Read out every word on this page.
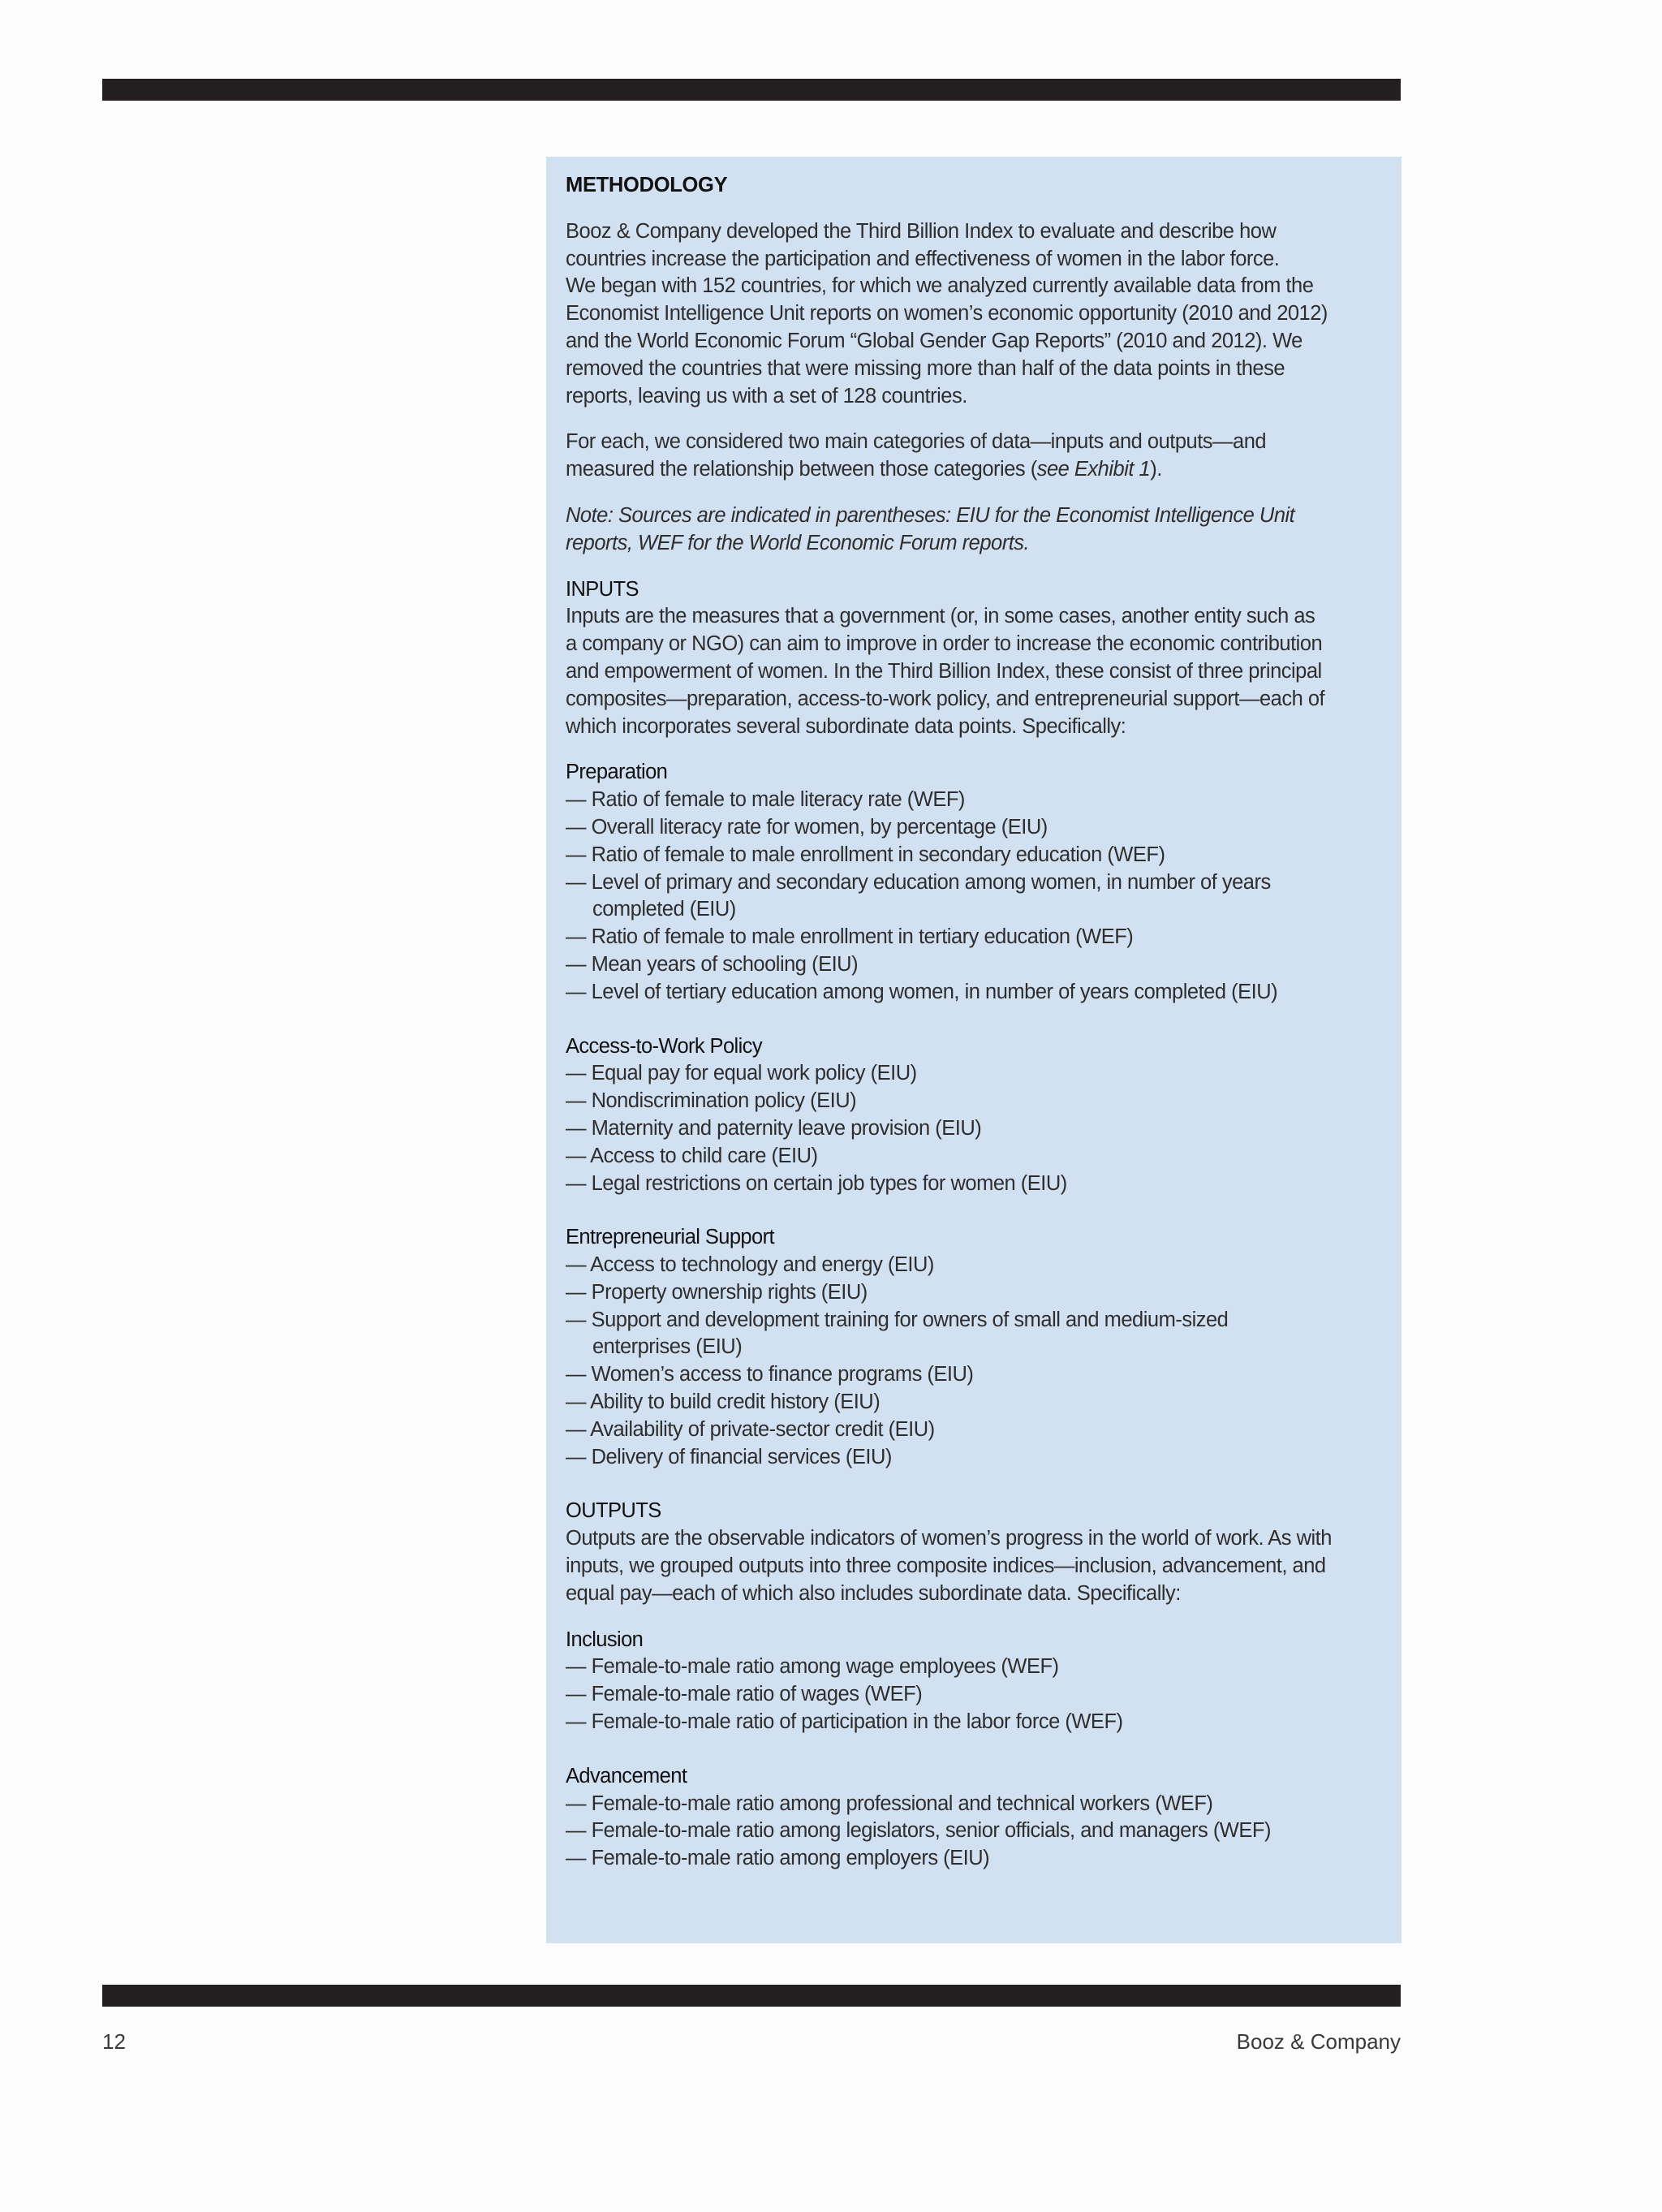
METHODOLOGY
Booz & Company developed the Third Billion Index to evaluate and describe how
countries increase the participation and effectiveness of women in the labor force.
We began with 152 countries, for which we analyzed currently available data from the
Economist Intelligence Unit reports on women’s economic opportunity (2010 and 2012)
and the World Economic Forum “Global Gender Gap Reports” (2010 and 2012). We
removed the countries that were missing more than half of the data points in these
reports, leaving us with a set of 128 countries.
For each, we considered two main categories of data—inputs and outputs—and
measured the relationship between those categories (see Exhibit 1).
Note: Sources are indicated in parentheses: EIU for the Economist Intelligence Unit
reports, WEF for the World Economic Forum reports.
INPUTS
Inputs are the measures that a government (or, in some cases, another entity such as
a company or NGO) can aim to improve in order to increase the economic contribution
and empowerment of women. In the Third Billion Index, these consist of three principal
composites—preparation, access-to-work policy, and entrepreneurial support—each of
which incorporates several subordinate data points. Specifically:
Preparation
— Ratio of female to male literacy rate (WEF)
— Overall literacy rate for women, by percentage (EIU)
— Ratio of female to male enrollment in secondary education (WEF)
— Level of primary and secondary education among women, in number of years
completed (EIU)
— Ratio of female to male enrollment in tertiary education (WEF)
— Mean years of schooling (EIU)
— Level of tertiary education among women, in number of years completed (EIU)
Access-to-Work Policy
— Equal pay for equal work policy (EIU)
— Nondiscrimination policy (EIU)
— Maternity and paternity leave provision (EIU)
— Access to child care (EIU)
— Legal restrictions on certain job types for women (EIU)
Entrepreneurial Support
— Access to technology and energy (EIU)
— Property ownership rights (EIU)
— Support and development training for owners of small and medium-sized
enterprises (EIU)
— Women’s access to finance programs (EIU)
— Ability to build credit history (EIU)
— Availability of private-sector credit (EIU)
— Delivery of financial services (EIU)
OUTPUTS
Outputs are the observable indicators of women’s progress in the world of work. As with
inputs, we grouped outputs into three composite indices—inclusion, advancement, and
equal pay—each of which also includes subordinate data. Specifically:
Inclusion
— Female-to-male ratio among wage employees (WEF)
— Female-to-male ratio of wages (WEF)
— Female-to-male ratio of participation in the labor force (WEF)
Advancement
— Female-to-male ratio among professional and technical workers (WEF)
— Female-to-male ratio among legislators, senior officials, and managers (WEF)
— Female-to-male ratio among employers (EIU)
12	Booz & Company
